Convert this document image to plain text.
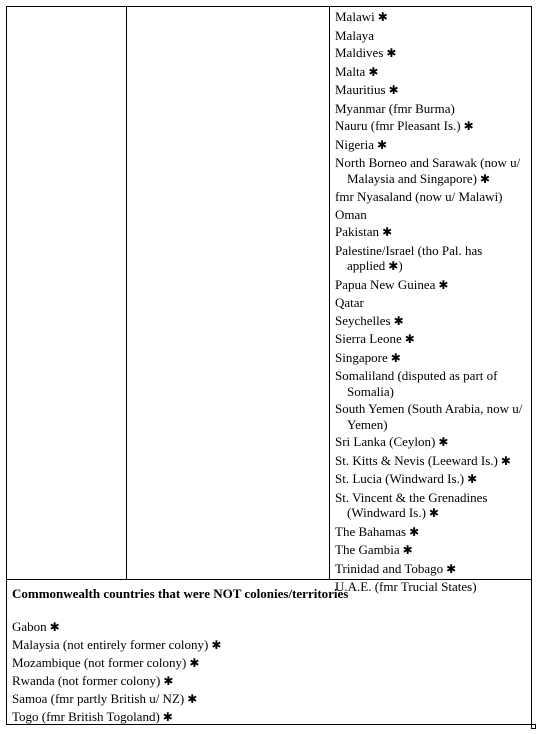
Malawi ✱
Malaya
Maldives ✱
Malta ✱
Mauritius ✱
Myanmar (fmr Burma)
Nauru (fmr Pleasant Is.) ✱
Nigeria ✱
North Borneo and Sarawak (now u/ Malaysia and Singapore) ✱
fmr Nyasaland (now u/ Malawi)
Oman
Pakistan ✱
Palestine/Israel (tho Pal. has applied ✱)
Papua New Guinea ✱
Qatar
Seychelles ✱
Sierra Leone ✱
Singapore ✱
Somaliland (disputed as part of Somalia)
South Yemen (South Arabia, now u/ Yemen)
Sri Lanka (Ceylon) ✱
St. Kitts & Nevis (Leeward Is.) ✱
St. Lucia (Windward Is.) ✱
St. Vincent & the Grenadines (Windward Is.) ✱
The Bahamas ✱
The Gambia ✱
Trinidad and Tobago ✱
U.A.E. (fmr Trucial States)

Commonwealth countries that were NOT colonies/territories

Gabon ✱
Malaysia (not entirely former colony) ✱
Mozambique (not former colony) ✱
Rwanda (not former colony) ✱
Samoa (fmr partly British u/ NZ) ✱
Togo (fmr British Togoland) ✱
